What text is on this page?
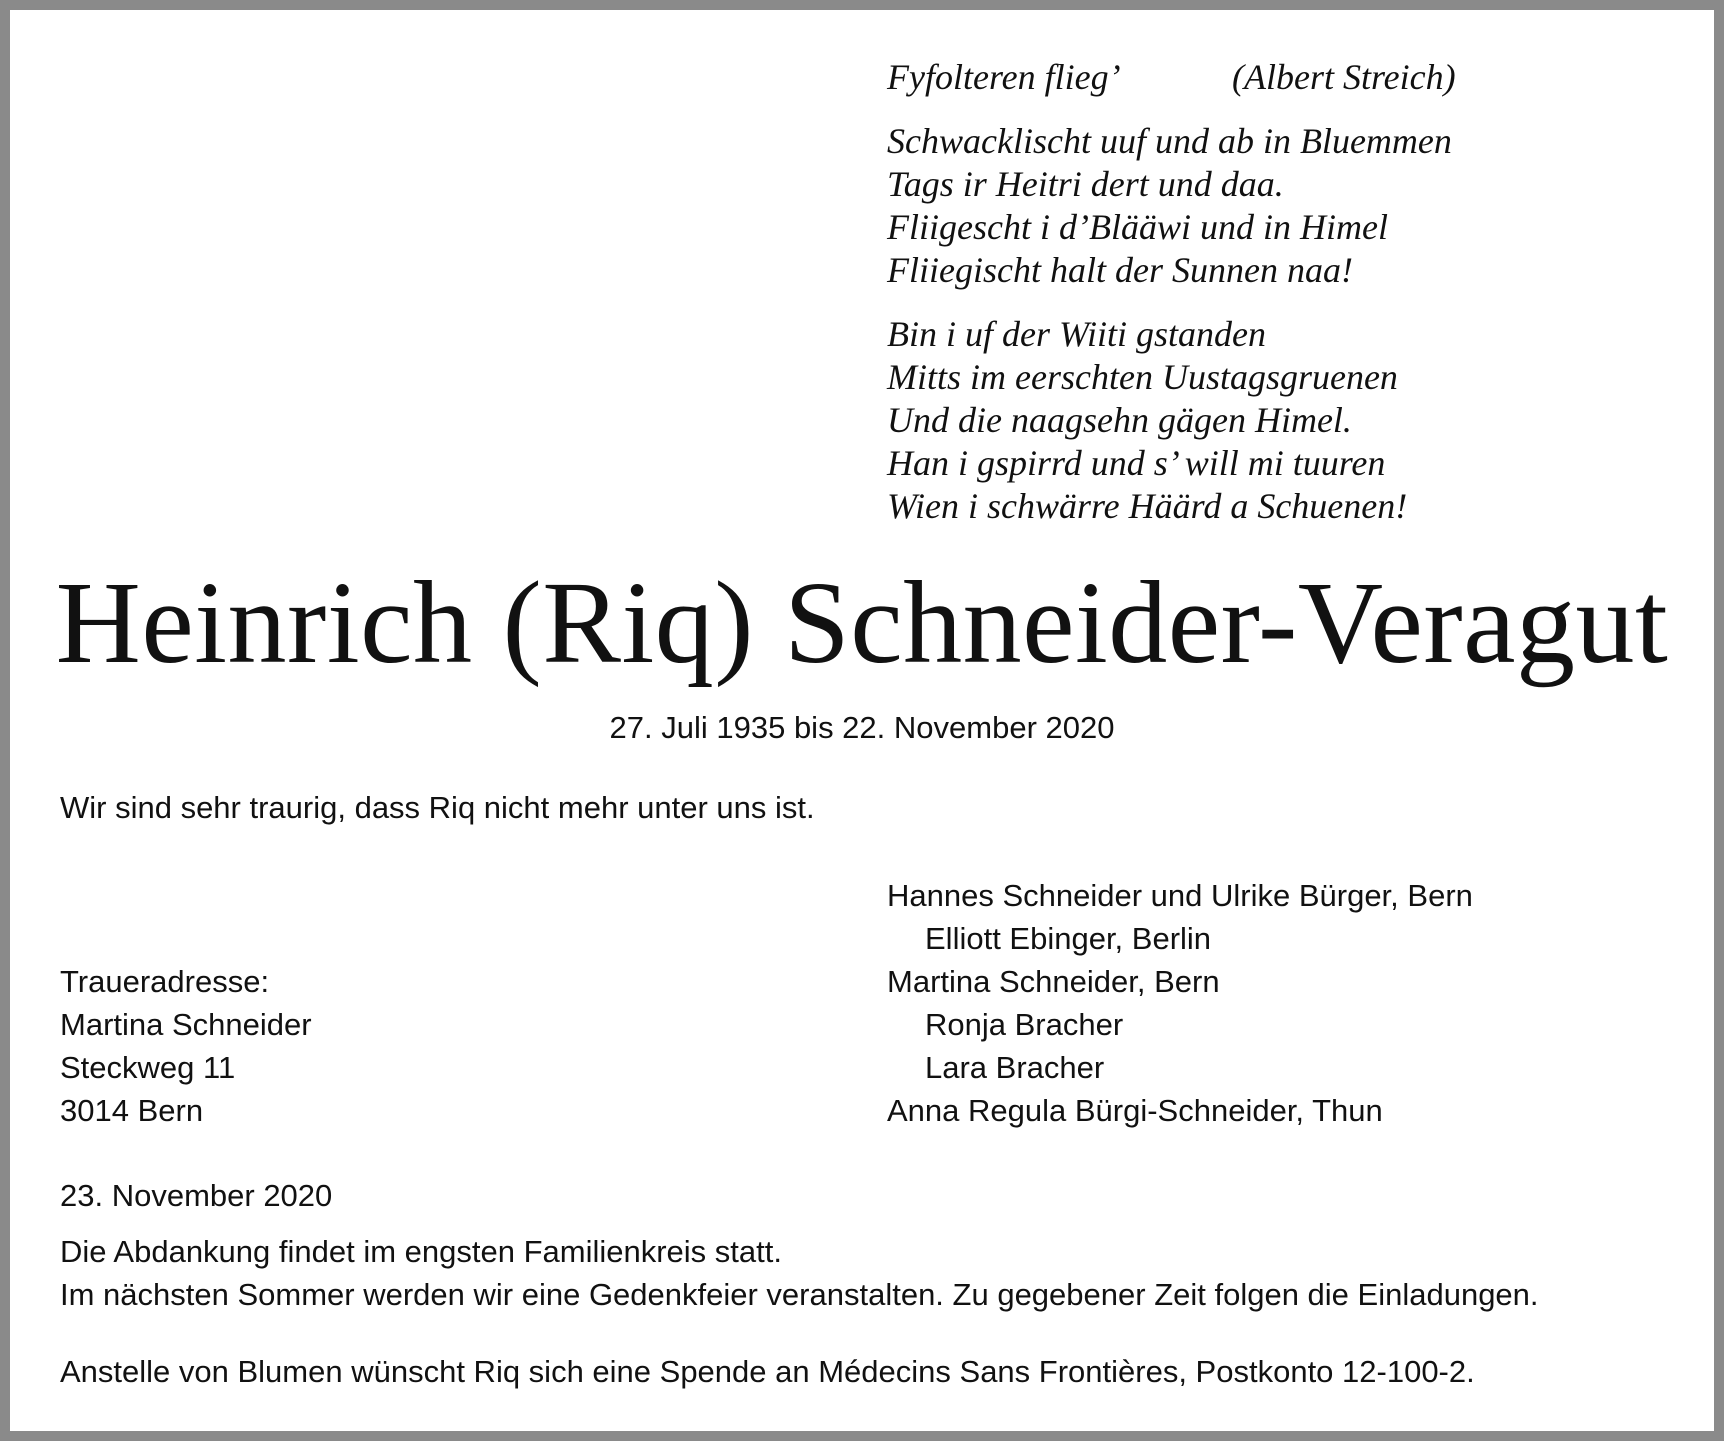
Fyfolteren flieg’	(Albert Streich)
Schwacklischt uuf und ab in Bluemmen
Tags ir Heitri dert und daa.
Fliigescht i d’Blääwi und in Himel
Fliiegischt halt der Sunnen naa!
Bin i uf der Wiiti gstanden
Mitts im eerschten Uustagsgruenen
Und die naagsehn gägen Himel.
Han i gspirrd und s’ will mi tuuren
Wien i schwärre Häärd a Schuenen!
Heinrich (Riq) Schneider-Veragut
27. Juli 1935 bis 22. November 2020
Wir sind sehr traurig, dass Riq nicht mehr unter uns ist.
Hannes Schneider und Ulrike Bürger, Bern
Elliott Ebinger, Berlin
Martina Schneider, Bern
Ronja Bracher
Lara Bracher
Anna Regula Bürgi-Schneider, Thun
Traueradresse:
Martina Schneider
Steckweg 11
3014 Bern
23. November 2020
Die Abdankung findet im engsten Familienkreis statt.
Im nächsten Sommer werden wir eine Gedenkfeier veranstalten. Zu gegebener Zeit folgen die Einladungen.
Anstelle von Blumen wünscht Riq sich eine Spende an Médecins Sans Frontières, Postkonto 12-100-2.
